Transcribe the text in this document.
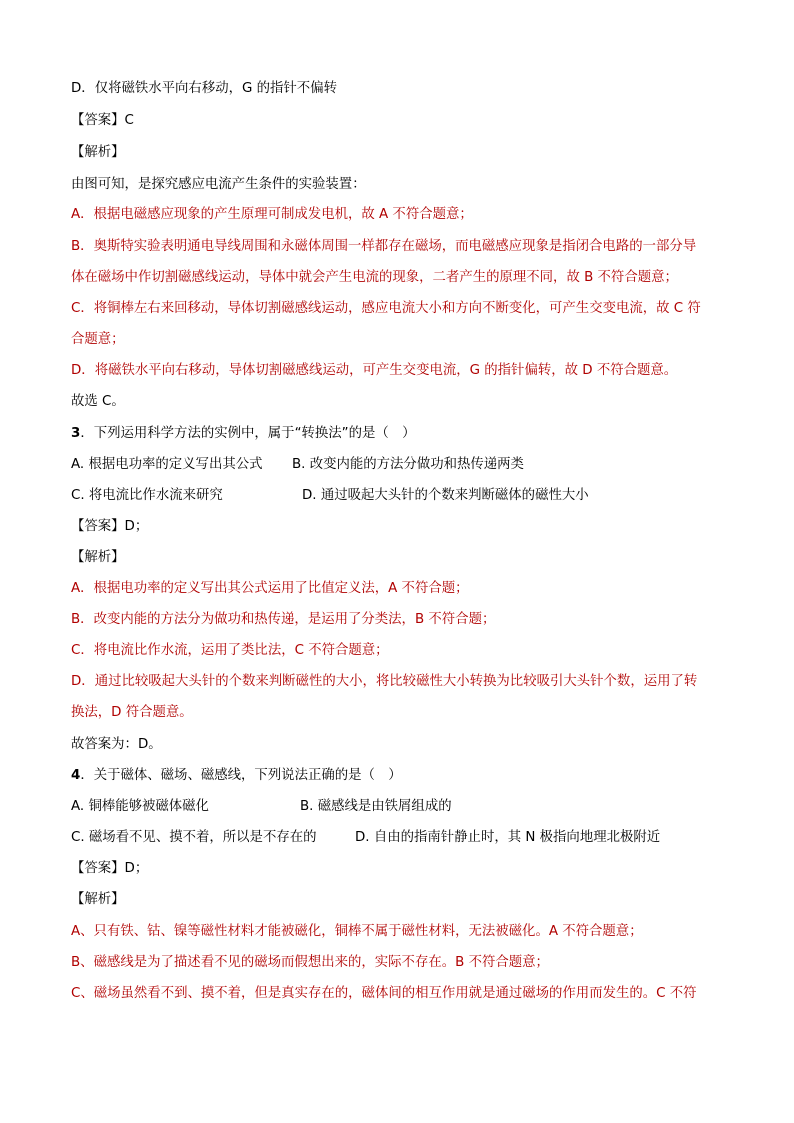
D．仅将磁铁水平向右移动，G 的指针不偏转
【答案】C
【解析】
由图可知，是探究感应电流产生条件的实验装置：
A．根据电磁感应现象的产生原理可制成发电机，故 A 不符合题意；
B．奥斯特实验表明通电导线周围和永磁体周围一样都存在磁场，而电磁感应现象是指闭合电路的一部分导
体在磁场中作切割磁感线运动，导体中就会产生电流的现象，二者产生的原理不同，故 B 不符合题意；
C．将铜棒左右来回移动，导体切割磁感线运动，感应电流大小和方向不断变化，可产生交变电流，故 C 符
合题意；
D．将磁铁水平向右移动，导体切割磁感线运动，可产生交变电流，G 的指针偏转，故 D 不符合题意。
故选 C。
3．下列运用科学方法的实例中，属于“转换法”的是（　）
A. 根据电功率的定义写出其公式 B. 改变内能的方法分做功和热传递两类
C. 将电流比作水流来研究	D. 通过吸起大头针的个数来判断磁体的磁性大小
【答案】D；
【解析】
A．根据电功率的定义写出其公式运用了比值定义法，A 不符合题；
B．改变内能的方法分为做功和热传递，是运用了分类法，B 不符合题；
C．将电流比作水流，运用了类比法，C 不符合题意；
D．通过比较吸起大头针的个数来判断磁性的大小，将比较磁性大小转换为比较吸引大头针个数，运用了转
换法，D 符合题意。
故答案为：D。
4．关于磁体、磁场、磁感线，下列说法正确的是（　）
A. 铜棒能够被磁体磁化	B. 磁感线是由铁屑组成的
C. 磁场看不见、摸不着，所以是不存在的	D. 自由的指南针静止时，其 N 极指向地理北极附近
【答案】D；
【解析】
A、只有铁、钴、镍等磁性材料才能被磁化，铜棒不属于磁性材料，无法被磁化。A 不符合题意；
B、磁感线是为了描述看不见的磁场而假想出来的，实际不存在。B 不符合题意；
C、磁场虽然看不到、摸不着，但是真实存在的，磁体间的相互作用就是通过磁场的作用而发生的。C 不符
